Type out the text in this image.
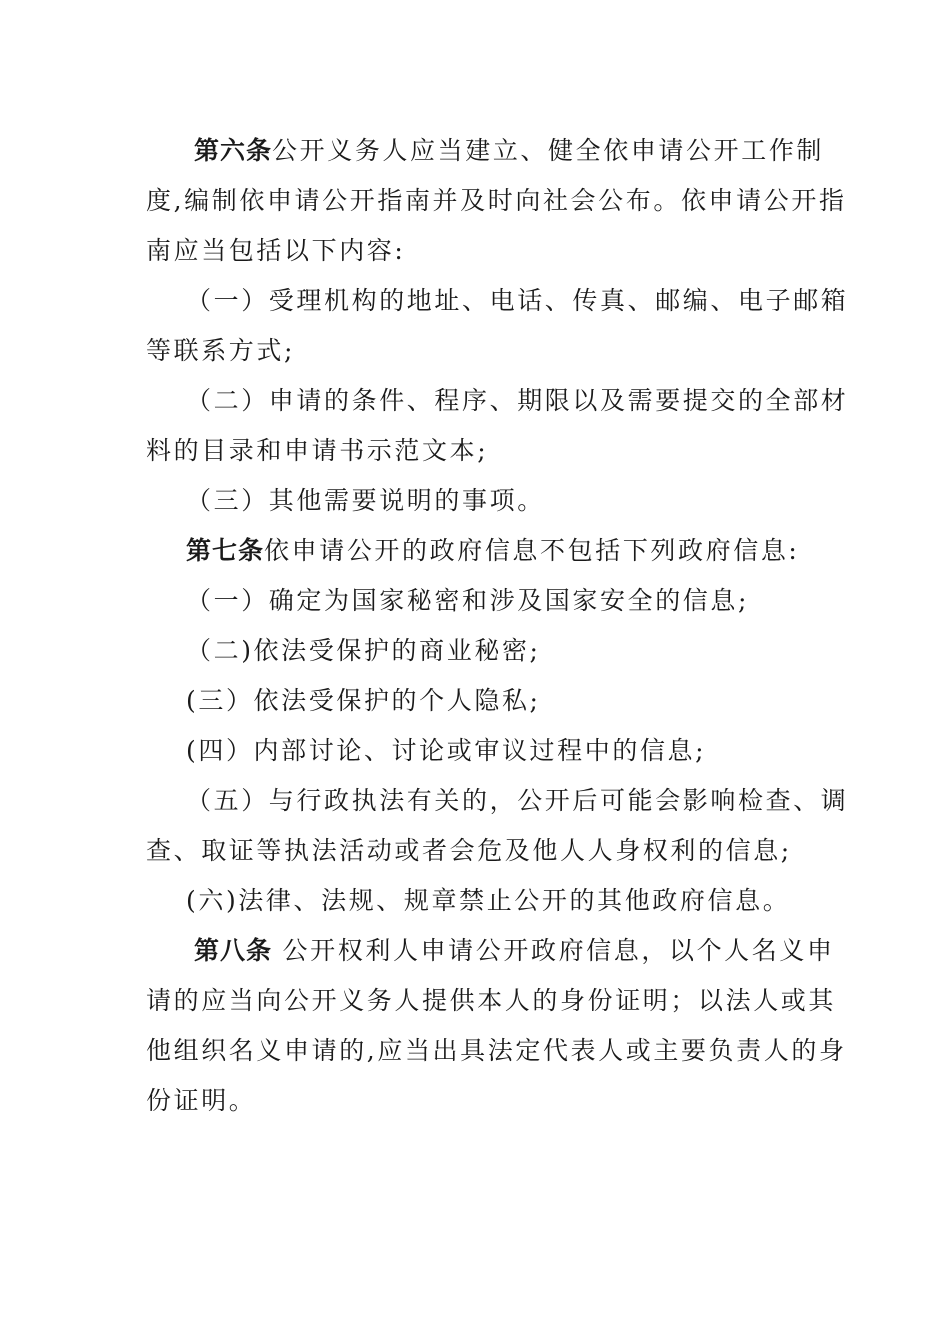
第六条公开义务人应当建立、健全依申请公开工作制
度,编制依申请公开指南并及时向社会公布。依申请公开指
南应当包括以下内容:
（一）受理机构的地址、电话、传真、邮编、电子邮箱
等联系方式;
（二）申请的条件、程序、期限以及需要提交的全部材
料的目录和申请书示范文本;
（三）其他需要说明的事项。
第七条依申请公开的政府信息不包括下列政府信息:
（一）确定为国家秘密和涉及国家安全的信息;
（二)依法受保护的商业秘密;
(三）依法受保护的个人隐私;
(四）内部讨论、讨论或审议过程中的信息;
（五）与行政执法有关的，公开后可能会影响检查、调
查、取证等执法活动或者会危及他人人身权利的信息;
(六)法律、法规、规章禁止公开的其他政府信息。
第八条 公开权利人申请公开政府信息，以个人名义申
请的应当向公开义务人提供本人的身份证明；以法人或其
他组织名义申请的,应当出具法定代表人或主要负责人的身
份证明。
